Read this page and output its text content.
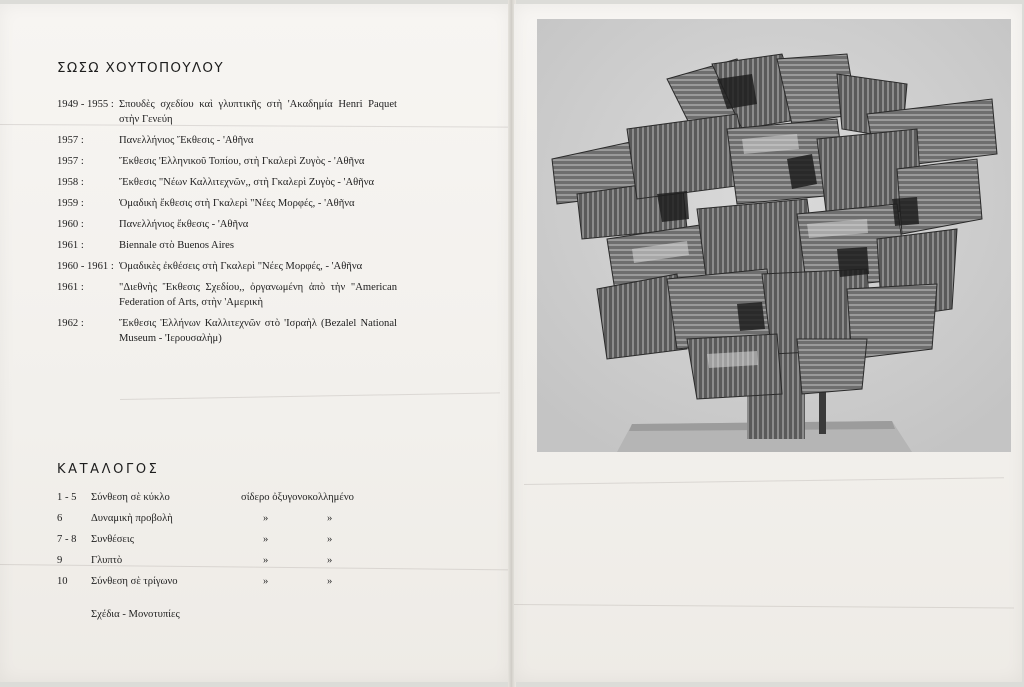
ΣΩΣΩ ΧΟΥΤΟΠΟΥΛΟΥ
1949 - 1955 : Σπουδὲς σχεδίου καὶ γλυπτικῆς στὴ 'Ακαδημία Henri Paquet στὴν Γενεύη
1957 :	Πανελλήνιος Ἔκθεσις - 'Αθῆνα
1957 :	Ἔκθεσις 'Ελληνικοῦ Τοπίου, στὴ Γκαλερὶ Ζυγὸς - 'Αθῆνα
1958 :	Ἔκθεσις "Νέων Καλλιτεχνῶν,, στὴ Γκαλερὶ Ζυγὸς - 'Αθῆνα
1959 :	Ὁμαδικὴ ἔκθεσις στὴ Γκαλερὶ "Νέες Μορφές, - 'Αθῆνα
1960 :	Πανελλήνιος ἔκθεσις - 'Αθῆνα
1961 :	Biennale στὸ Buenos Aires
1960 - 1961 : Ὁμαδικὲς ἐκθέσεις στὴ Γκαλερὶ "Νέες Μορφές, - 'Αθῆνα
1961 :	"Διεθνὴς Ἔκθεσις Σχεδίου,, ὀργανωμένη ἀπὸ τὴν "American Federation of Arts, στὴν 'Αμερικὴ
1962 :	Ἔκθεσις Ἑλλήνων Καλλιτεχνῶν στὸ 'Ισραὴλ (Bezalel National Museum - 'Ιερουσαλὴμ)
ΚΑΤΑΛΟΓΟΣ
1 - 5 Σύνθεση σὲ κύκλο	σίδερο ὀξυγονοκολλημένο
6	Δυναμικὴ προβολὴ	»	»
7 - 8 Συνθέσεις	»	»
9	Γλυπτὸ	»	»
10 Σύνθεση σὲ τρίγωνο	»	»
Σχέδια - Μονοτυπίες
